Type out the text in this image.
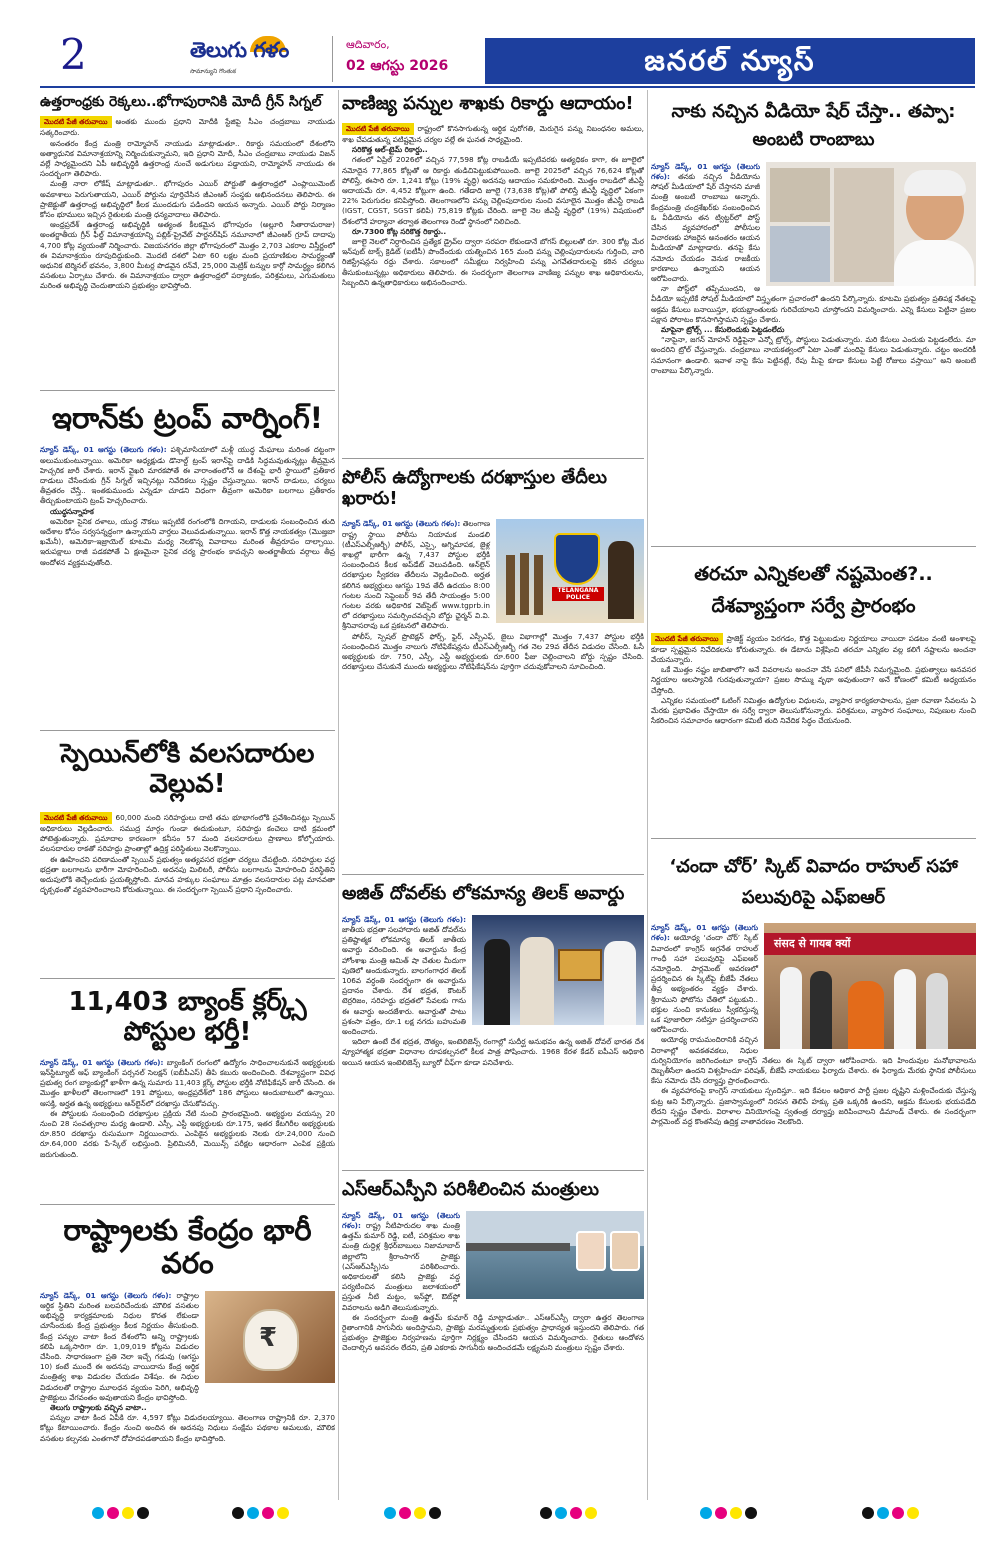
2	తెలుగు గళం
సామాన్యుని గొంతుక
ఆదివారం,
02 ఆగస్టు 2026	జనరల్ న్యూస్
ఉత్తరాంధ్రకు రెక్కలు..భోగాపురానికి మోదీ గ్రీన్ సిగ్నల్
మొదటి పేజీ తరువాయి అంతకు ముందు ప్రధాని మోదీకి స్టేజిపై సీఎం చంద్రబాబు నాయుడు సత్కరించారు.
అనంతరం కేంద్ర మంత్రి రామ్మోహన్ నాయుడు మాట్లాడుతూ.. రికార్డు సమయంలో దేశంలోని అత్యాధునిక విమానాశ్రయాన్ని నిర్మించుకున్నామని, ఇది ప్రధాని మోదీ, సీఎం చంద్రబాబు నాయుడు విజన్ వల్లే సాధ్యమైందని ఏపీ అభివృద్ధికి ఉత్తరాంధ్ర నుంచే అడుగులు పడ్డాయని, రామ్మోహన్ నాయుడు ఈ సందర్భంగా తెలిపారు.
మంత్రి నారా లోకేష్ మాట్లాడుతూ.. భోగాపురం ఎయిర్ పోర్టుతో ఉత్తరాంధ్రలో ఎంప్లాయిమెంట్ అవకాశాలు పెరుగుతాయని, ఎయిర్ పోర్టును పూర్తిచేసిన జీఎంఆర్ సంస్థకు అభినందనలు తెలిపారు. ఈ ప్రాజెక్టుతో ఉత్తరాంధ్ర అభివృద్ధిలో కీలక ముందడుగు పడిందని ఆయన అన్నారు. ఎయిర్ పోర్టు నిర్మాణం కోసం భూములు ఇచ్చిన రైతులకు మంత్రి ధన్యవాదాలు తెలిపారు.
ఆంధ్రప్రదేశ్ ఉత్తరాంధ్ర అభివృద్ధికి అత్యంత కీలకమైన భోగాపురం (అల్లూరి సీతారామరాజు) అంతర్జాతీయ గ్రీన్ ఫీల్డ్ విమానాశ్రయాన్ని పబ్లిక్-ప్రైవేట్ పార్టనర్‌షిప్ నమూనాలో జీఎంఆర్ గ్రూప్ దాదాపు 4,700 కోట్ల వ్యయంతో నిర్మించారు. విజయనగరం జిల్లా భోగాపురంలో మొత్తం 2,703 ఎకరాల విస్తీర్ణంలో ఈ విమానాశ్రయం రూపుదిద్దుకుంది. మొదటి దశలో ఏటా 60 లక్షల మంది ప్రయాణికుల సామర్థ్యంతో ఆధునిక టెర్మినల్ భవనం, 3,800 మీటర్ల పొడవైన రన్‌వే, 25,000 మెట్రిక్ టన్నుల కార్గో సామర్థ్యం కలిగిన వసతులు ఏర్పాటు చేశారు. ఈ విమానాశ్రయం ద్వారా ఉత్తరాంధ్రలో పర్యాటకం, పరిశ్రమలు, ఎగుమతులు మరింత అభివృద్ధి చెందుతాయని ప్రభుత్వం భావిస్తోంది.
ఇరాన్‌కు ట్రంప్ వార్నింగ్!
న్యూస్ డెస్క్, 01 ఆగస్టు (తెలుగు గళం): పశ్చిమాసియాలో మళ్లీ యుద్ధ మేఘాలు మరింత దట్టంగా అలుముకుంటున్నాయి. అమెరికా అధ్యక్షుడు డొనాల్డ్ ట్రంప్ ఇరాన్‌పై దాడికి సిద్ధమవుతున్నట్లు తీవ్రమైన హెచ్చరిక జారీ చేశారు. ఇరాన్ వైఖరి మారకపోతే ఈ వారాంతంలోనే ఆ దేశంపై భారీ స్థాయిలో ప్రతీకార దాడులు చేసేందుకు గ్రీన్ సిగ్నల్ ఇచ్చినట్లు నివేదికలు స్పష్టం చేస్తున్నాయి. ఇరాన్ దాడులు, చర్యలు తీవ్రతరం చేస్తే.. ఇంతకుముందు ఎన్నడూ చూడని విధంగా తీవ్రంగా అమెరికా బలగాలు ప్రతీకారం తీర్చుకుంటాయని ట్రంప్ హెచ్చరించారు.
యుద్ధసన్నాహక
అమెరికా సైనిక దళాలు, యుద్ధ నౌకలు ఇప్పటికే రంగంలోకి దిగాయని, దాడులకు సంబంధించిన తుది ఆదేశాల కోసం సర్వసన్నద్ధంగా ఉన్నాయని వార్తలు వెలువడుతున్నాయి. ఇరాన్ కొత్త నాయకత్వం (మొజ్తబా ఖమేనీ), అమెరికా-ఇజ్రాయెల్ కూటమి మధ్య నెలకొన్న వివాదాలు మరింత తీవ్రరూపం దాల్చాయి. ఇరుపక్షాలు రాజీ పడకపోతే ఏ క్షణమైనా సైనిక చర్య ప్రారంభం కావచ్చని అంతర్జాతీయ వర్గాలు తీవ్ర ఆందోళన వ్యక్తమవుతోంది.
స్పెయిన్‌లోకి వలసదారుల వెల్లువ!
మొదటి పేజీ తరువాయి 60,000 మంది సరిహద్దులు దాటి తమ భూభాగంలోకి ప్రవేశించినట్లు స్పెయిన్ అధికారులు వెల్లడించారు. సముద్ర మార్గం గుండా ఈదుకుంటూ, సరిహద్దు కంచెలు దాటి క్రమంలో పోటెత్తుతున్నారు. ప్రమాదాల కారణంగా కనీసం 57 మంది వలసదారులు ప్రాణాలు కోల్పోయారు. వలసదారుల రాకతో సరిహద్దు ప్రాంతాల్లో ఉద్రిక్త పరిస్థితులు నెలకొన్నాయి.
ఈ ఊహించని పరిణామంతో స్పెయిన్ ప్రభుత్వం అత్యవసర భద్రతా చర్యలు చేపట్టింది. సరిహద్దుల వద్ద భద్రతా బలగాలను భారీగా మోహరించింది. అదనపు మిలిటరీ, పోలీసు బలగాలను మోహరించి పరిస్థితిని అదుపులోకి తెచ్చేందుకు ప్రయత్నిస్తోంది. మానవ హక్కుల సంఘాలు మాత్రం వలసదారుల పట్ల మానవతా దృక్పథంతో వ్యవహరించాలని కోరుతున్నాయి. ఈ సందర్భంగా స్పెయిన్ ప్రధాని స్పందించారు.
11,403 బ్యాంక్ క్లర్క్స్ పోస్టుల భర్తీ!
న్యూస్ డెస్క్, 01 ఆగస్టు (తెలుగు గళం): బ్యాంకింగ్ రంగంలో ఉద్యోగం సాధించాలనుకునే అభ్యర్థులకు ఇన్‌స్టిట్యూట్ ఆఫ్ బ్యాంకింగ్ పర్సనల్ సెలక్షన్ (ఐబీపీఎస్) తీపి కబురు అందించింది. దేశవ్యాప్తంగా వివిధ ప్రభుత్వ రంగ బ్యాంకుల్లో ఖాళీగా ఉన్న సుమారు 11,403 క్లర్క్ పోస్టుల భర్తీకి నోటిఫికేషన్ జారీ చేసింది. ఈ మొత్తం ఖాళీలలో తెలంగాణలో 191 పోస్టులు, ఆంధ్రప్రదేశ్‌లో 186 పోస్టులు అందుబాటులో ఉన్నాయి. ఆసక్తి, అర్హత ఉన్న అభ్యర్థులు ఆన్‌లైన్‌లో దరఖాస్తు చేసుకోవచ్చు.
ఈ పోస్టులకు సంబంధించి దరఖాస్తుల ప్రక్రియ నేటి నుంచి ప్రారంభమైంది. అభ్యర్థుల వయస్సు 20 నుంచి 28 సంవత్సరాల మధ్య ఉండాలి. ఎస్సీ, ఎస్టీ అభ్యర్థులకు రూ.175, ఇతర కేటగిరీల అభ్యర్థులకు రూ.850 దరఖాస్తు రుసుముగా నిర్ణయించారు. ఎంపికైన అభ్యర్థులకు నెలకు రూ.24,000 నుంచి రూ.64,000 వరకు పే-స్కేల్ లభిస్తుంది. ప్రిలిమినరీ, మెయిన్స్ పరీక్షల ఆధారంగా ఎంపిక ప్రక్రియ జరుగుతుంది.
రాష్ట్రాలకు కేంద్రం భారీ వరం
₹
న్యూస్ డెస్క్, 01 ఆగస్టు (తెలుగు గళం): రాష్ట్రాల ఆర్థిక స్థితిని మరింత బలపరిచేందుకు మౌలిక వసతుల అభివృద్ధి కార్యక్రమాలకు నిధుల కొరత లేకుండా చూసేందుకు కేంద్ర ప్రభుత్వం కీలక నిర్ణయం తీసుకుంది. కేంద్ర పన్నుల వాటా కింద దేశంలోని అన్ని రాష్ట్రాలకు కలిపి ఒక్కసారిగా రూ. 1,09,019 కోట్లను విడుదల చేసింది. సాధారణంగా ప్రతి నెలా ఇచ్చే గడువు (ఆగస్టు 10) కంటే ముందే ఈ అదనపు వాయిదాను కేంద్ర ఆర్థిక మంత్రిత్వ శాఖ విడుదల చేయడం విశేషం. ఈ నిధుల విడుదలతో రాష్ట్రాల మూలధన వ్యయం పెరిగి, అభివృద్ధి ప్రాజెక్టులు వేగవంతం అవుతాయని కేంద్రం భావిస్తోంది.
తెలుగు రాష్ట్రాలకు వచ్చిన వాటా..
పన్నుల వాటా కింద ఏపీకి రూ. 4,597 కోట్లు విడుదలయ్యాయి. తెలంగాణ రాష్ట్రానికి రూ. 2,370 కోట్లు కేటాయించారు. కేంద్రం నుంచి అందిన ఈ అదనపు నిధులు సంక్షేమ పథకాల అమలుకు, మౌలిక వసతుల కల్పనకు ఎంతగానో దోహదపడతాయని కేంద్రం భావిస్తోంది.
వాణిజ్య పన్నుల శాఖకు రికార్డు ఆదాయం!
మొదటి పేజీ తరువాయి రాష్ట్రంలో కొనసాగుతున్న ఆర్థిక పురోగతి, మెరుగైన పన్ను నిబంధనల అమలు, శాఖ చేపడుతున్న పటిష్టమైన చర్యల వల్లే ఈ ఘనత సాధ్యమైంది.
సరికొత్త ఆల్-టైమ్ రికార్డు..
గతంలో ఏప్రిల్ 2026లో వచ్చిన 77,598 కోట్ల రాబడియే ఇప్పటివరకు అత్యధికం కాగా, ఈ జూలైలో నమోదైన 77,865 కోట్లతో ఆ రికార్డు తుడిచిపెట్టుకుపోయింది. జూలై 2025లో వచ్చిన 76,624 కోట్లతో పోలిస్తే, ఈసారి రూ. 1,241 కోట్లు (19% వృద్ధి) అదనపు ఆదాయం సమకూరింది. మొత్తం రాబడిలో జీఎస్టీ ఆదాయమే రూ. 4,452 కోట్లుగా ఉంది. గతేడాది జూలై (73,638 కోట్ల)తో పోలిస్తే జీఎస్టీ వృద్ధిలో ఏకంగా 22% పెరుగుదల కనిపిస్తోంది. తెలంగాణలోని పన్ను చెల్లింపుదారుల నుంచి వసూలైన మొత్తం జీఎస్టీ రాబడి (IGST, CGST, SGST కలిపి) 75,819 కోట్లకు చేరింది. జూలై నెల జీఎస్టీ వృద్ధిలో (19%) విషయంలో దేశంలోనే హర్యానా తర్వాత తెలంగాణ రెండో స్థానంలో నిలిచింది.
రూ.7300 కోట్ల సరికొత్త రికార్డు..
జూలై నెలలో నిర్ధారించిన ప్రత్యేక డ్రైవ్‌ల ద్వారా సరపరా లేకుండానే బోగస్ బిల్లులతో రూ. 300 కోట్ల మేర ఇన్‌పుట్ టాక్స్ క్రెడిట్ (ఐటీసీ) పొందేందుకు యత్నించిన 165 మంది పన్ను చెల్లింపుదారులను గుర్తించి, వారి రిజిస్ట్రేషన్లను రద్దు చేశారు. సకాలంలో సమీక్షలు నిర్వహించి పన్ను ఎగవేతదారులపై కఠిన చర్యలు తీసుకుంటున్నట్లు అధికారులు తెలిపారు. ఈ సందర్భంగా తెలంగాణ వాణిజ్య పన్నుల శాఖ అధికారులను, సిబ్బందిని ఉన్నతాధికారులు అభినందించారు.
పోలీస్ ఉద్యోగాలకు దరఖాస్తుల తేదీలు ఖరారు!
TELANGANA POLICE
న్యూస్ డెస్క్, 01 ఆగస్టు (తెలుగు గళం): తెలంగాణ రాష్ట్ర స్థాయి పోలీసు నియామక మండలి (టీఎస్ఎల్పీఆర్బీ) పోలీస్, ఎస్సై, అగ్నిమాపక, జైళ్ల శాఖల్లో భారీగా ఉన్న 7,437 పోస్టుల భర్తీకి సంబంధించిన కీలక అప్‌డేట్ వెలువడింది. ఆన్‌లైన్ దరఖాస్తుల స్వీకరణ తేదీలను వెల్లడించింది. అర్హత కలిగిన అభ్యర్థులు ఆగస్టు 19వ తేదీ ఉదయం 8:00 గంటల నుంచి సెప్టెంబర్ 9వ తేదీ సాయంత్రం 5:00 గంటల వరకు అధికారిక వెబ్‌సైట్ www.tgprb.in లో దరఖాస్తులు సమర్పించవచ్చని బోర్డు ఛైర్మన్ వి.వి. శ్రీనివాసరావు ఒక ప్రకటనలో తెలిపారు.
పోలీస్, స్పెషల్ ప్రొటెక్షన్ ఫోర్స్, ఫైర్, ఎస్పీఎఫ్, జైలు విభాగాల్లో మొత్తం 7,437 పోస్టుల భర్తీకి సంబంధించిన మొత్తం నాలుగు నోటిఫికేషన్లను టీఎస్ఎల్పీఆర్బీ గత నెల 29వ తేదీన విడుదల చేసింది. ఓసీ అభ్యర్థులకు రూ. 750, ఎస్సీ, ఎస్టీ అభ్యర్థులకు రూ.600 ఫీజు చెల్లించాలని బోర్డు స్పష్టం చేసింది. దరఖాస్తులు చేసుకునే ముందు అభ్యర్థులు నోటిఫికేషన్‌ను పూర్తిగా చదువుకోవాలని సూచించింది.
అజిత్ దోవల్‌కు లోకమాన్య తిలక్ అవార్డు
న్యూస్ డెస్క్, 01 ఆగస్టు (తెలుగు గళం): జాతీయ భద్రతా సలహాదారు అజిత్ దోవల్‌ను ప్రతిష్టాత్మక లోకమాన్య తిలక్ జాతీయ అవార్డు వరించింది. ఈ అవార్డును కేంద్ర హోంశాఖ మంత్రి అమిత్ షా చేతుల మీదుగా పుణెలో అందుకున్నారు. బాలగంగాధర తిలక్ 106వ వర్ధంతి సందర్భంగా ఈ అవార్డును ప్రదానం చేశారు. దేశ భద్రత, కౌంటర్ టెర్రరిజం, సరిహద్దు భద్రతలో సేవలకు గాను ఈ అవార్డు అందజేశారు. అవార్డుతో పాటు ప్రశంసా పత్రం, రూ.1 లక్ష నగదు బహుమతి అందించారు.
ఇదిలా ఉంటే దేశ భద్రత, దౌత్యం, ఇంటెలిజెన్స్ రంగాల్లో సుదీర్ఘ అనుభవం ఉన్న అజిత్ దోవల్ భారత దేశ వ్యూహాత్మక భద్రతా విధానాల రూపకల్పనలో కీలక పాత్ర పోషించారు. 1968 కేరళ కేడర్ ఐపీఎస్ అధికారి అయిన ఆయన ఇంటెలిజెన్స్ బ్యూరో చీఫ్‌గా కూడా పనిచేశారు.
ఎస్ఆర్ఎస్పీని పరిశీలించిన మంత్రులు
న్యూస్ డెస్క్, 01 ఆగస్టు (తెలుగు గళం): రాష్ట్ర నీటిపారుదల శాఖ మంత్రి ఉత్తమ్ కుమార్ రెడ్డి, ఐటీ, పరిశ్రమల శాఖ మంత్రి దుద్దిళ్ల శ్రీధర్‌బాబులు నిజామాబాద్ జిల్లాలోని శ్రీరాంసాగర్ ప్రాజెక్టు (ఎస్ఆర్ఎస్పీ)ను పరిశీలించారు. అధికారులతో కలిసి ప్రాజెక్టు వద్ద పర్యటించిన మంత్రులు జలాశయంలో ప్రస్తుత నీటి మట్టం, ఇన్‌ఫ్లో, ఔట్‌ఫ్లో వివరాలను అడిగి తెలుసుకున్నారు.
ఈ సందర్భంగా మంత్రి ఉత్తమ్ కుమార్ రెడ్డి మాట్లాడుతూ.. ఎస్ఆర్ఎస్పీ ద్వారా ఉత్తర తెలంగాణ రైతాంగానికి సాగునీరు అందిస్తామని, ప్రాజెక్టు మరమ్మత్తులకు ప్రభుత్వం ప్రాధాన్యత ఇస్తుందని తెలిపారు. గత ప్రభుత్వం ప్రాజెక్టుల నిర్వహణను పూర్తిగా నిర్లక్ష్యం చేసిందని ఆయన విమర్శించారు. రైతులు ఆందోళన చెందాల్సిన అవసరం లేదని, ప్రతి ఎకరాకు సాగునీరు అందించడమే లక్ష్యమని మంత్రులు స్పష్టం చేశారు.
నాకు నచ్చిన వీడియో షేర్ చేస్తా.. తప్పా: అంబటి రాంబాబు
న్యూస్ డెస్క్, 01 ఆగస్టు (తెలుగు గళం): తనకు నచ్చిన వీడియోను సోషల్ మీడియాలో షేర్ చేస్తానని మాజీ మంత్రి అంబటి రాంబాబు అన్నారు. కేంద్రమంత్రి చంద్రశేఖర్‌కు సంబంధించిన ఓ వీడియోను తన ట్విట్టర్‌లో పోస్ట్ చేసిన వ్యవహారంలో పోలీసుల విచారణకు హాజరైన అనంతరం ఆయన మీడియాతో మాట్లాడారు. తనపై కేసు నమోదు చేయడం వెనుక రాజకీయ కారణాలు ఉన్నాయని ఆయన ఆరోపించారు.
నా పోస్ట్‌లో తప్పేముందని, ఆ వీడియో ఇప్పటికే సోషల్ మీడియాలో విస్తృతంగా ప్రచారంలో ఉందని పేర్కొన్నారు. కూటమి ప్రభుత్వం ప్రతిపక్ష నేతలపై అక్రమ కేసులు బనాయిస్తూ, భయభ్రాంతులకు గురిచేయాలని చూస్తోందని విమర్శించారు. ఎన్ని కేసులు పెట్టినా ప్రజల పక్షాన పోరాటం కొనసాగిస్తామని స్పష్టం చేశారు.
మాపైనా ట్రోల్స్ ... కేసులెందుకు పెట్టడంలేదు
“నాపైనా, జగన్ మోహన్ రెడ్డిపైనా ఎన్నో ట్రోల్స్, పోస్టులు పెడుతున్నారు. మరి కేసులు ఎందుకు పెట్టడంలేదు. మా అందరిని ట్రోల్ చేస్తున్నారు. చంద్రబాబు నాయకత్వంలో ఏటా ఎంతో మందిపై కేసులు పెడుతున్నారు. చట్టం అందరికీ సమానంగా ఉండాలి. ఇవాళ నాపై కేసు పెట్టినట్లే, రేపు మీపై కూడా కేసులు పెట్టే రోజులు వస్తాయి” అని అంబటి రాంబాబు పేర్కొన్నారు.
తరచూ ఎన్నికలతో నష్టమెంత?.. దేశవ్యాప్తంగా సర్వే ప్రారంభం
మొదటి పేజీ తరువాయి ప్రాజెక్ట్ వ్యయం పెరగడం, కొత్త పెట్టుబడుల నిర్ణయాలు వాయిదా పడటం వంటి అంశాలపై కూడా స్పష్టమైన నివేదికలను కోరుతున్నారు. ఈ డేటాను విశ్లేషించి తరచూ ఎన్నికల వల్ల కలిగే నష్టాలను అంచనా వేయనున్నారు.
ఒకే మొత్తం నష్టం జాబితాలో? అనే వివరాలను అంచనా వేసే పనిలో జేపీసీ నిమగ్నమైంది. ప్రభుత్వాలు అనవసర నిర్ణయాల ఆలస్యానికి గురవుతున్నాయా? ప్రజల సొమ్ము వృథా అవుతుందా? అనే కోణంలో కమిటీ అధ్యయనం చేస్తోంది.
ఎన్నికల సమయంలో ఓటింగ్ నిమిత్తం ఉద్యోగుల విధులను, వ్యాపార కార్యకలాపాలను, ప్రజా రవాణా సేవలను ఏ మేరకు ప్రభావితం చేస్తాయో ఈ సర్వే ద్వారా తెలుసుకోనున్నారు. పరిశ్రమలు, వ్యాపార సంఘాలు, నిపుణుల నుంచి సేకరించిన సమాచారం ఆధారంగా కమిటీ తుది నివేదిక సిద్ధం చేయనుంది.
‘చందా చోర్’ స్కిట్ వివాదం రాహుల్ సహా పలువురిపై ఎఫ్ఐఆర్
संसद से गायब क्यों
న్యూస్ డెస్క్, 01 ఆగస్టు (తెలుగు గళం): అయోధ్య ‘చందా చోర్’ స్కిట్ వివాదంలో కాంగ్రెస్ అగ్రనేత రాహుల్ గాంధీ సహా పలువురిపై ఎఫ్ఐఆర్ నమోదైంది. పార్లమెంట్ ఆవరణలో ప్రదర్శించిన ఈ స్కిట్‌పై బీజేపీ నేతలు తీవ్ర అభ్యంతరం వ్యక్తం చేశారు. శ్రీరాముని ఫోటోను చేతిలో పట్టుకుని.. భక్తుల నుంచి కానుకలు స్వీకరిస్తున్న ఒక పూజారిలా నటిస్తూ ప్రదర్శించారని ఆరోపించారు.
అయోధ్య రామమందిరానికి వచ్చిన విరాళాల్లో అవకతవకలు, నిధుల దుర్వినియోగం జరిగిందంటూ కాంగ్రెస్ నేతలు ఈ స్కిట్ ద్వారా ఆరోపించారు. ఇది హిందువుల మనోభావాలను దెబ్బతీసేలా ఉందని విశ్వహిందూ పరిషత్, బీజేపీ నాయకులు ఫిర్యాదు చేశారు. ఈ ఫిర్యాదు మేరకు స్థానిక పోలీసులు కేసు నమోదు చేసి దర్యాప్తు ప్రారంభించారు.
ఈ వ్యవహారంపై కాంగ్రెస్ నాయకులు స్పందిస్తూ.. ఇది కేవలం అధికార పార్టీ ప్రజల దృష్టిని మళ్లించేందుకు చేస్తున్న కుట్ర అని పేర్కొన్నారు. ప్రజాస్వామ్యంలో నిరసన తెలిపే హక్కు ప్రతి ఒక్కరికి ఉందని, అక్రమ కేసులకు భయపడేది లేదని స్పష్టం చేశారు. విరాళాల వినియోగంపై స్వతంత్ర దర్యాప్తు జరిపించాలని డిమాండ్ చేశారు. ఈ సందర్భంగా పార్లమెంట్ వద్ద కొంతసేపు ఉద్రిక్త వాతావరణం నెలకొంది.
